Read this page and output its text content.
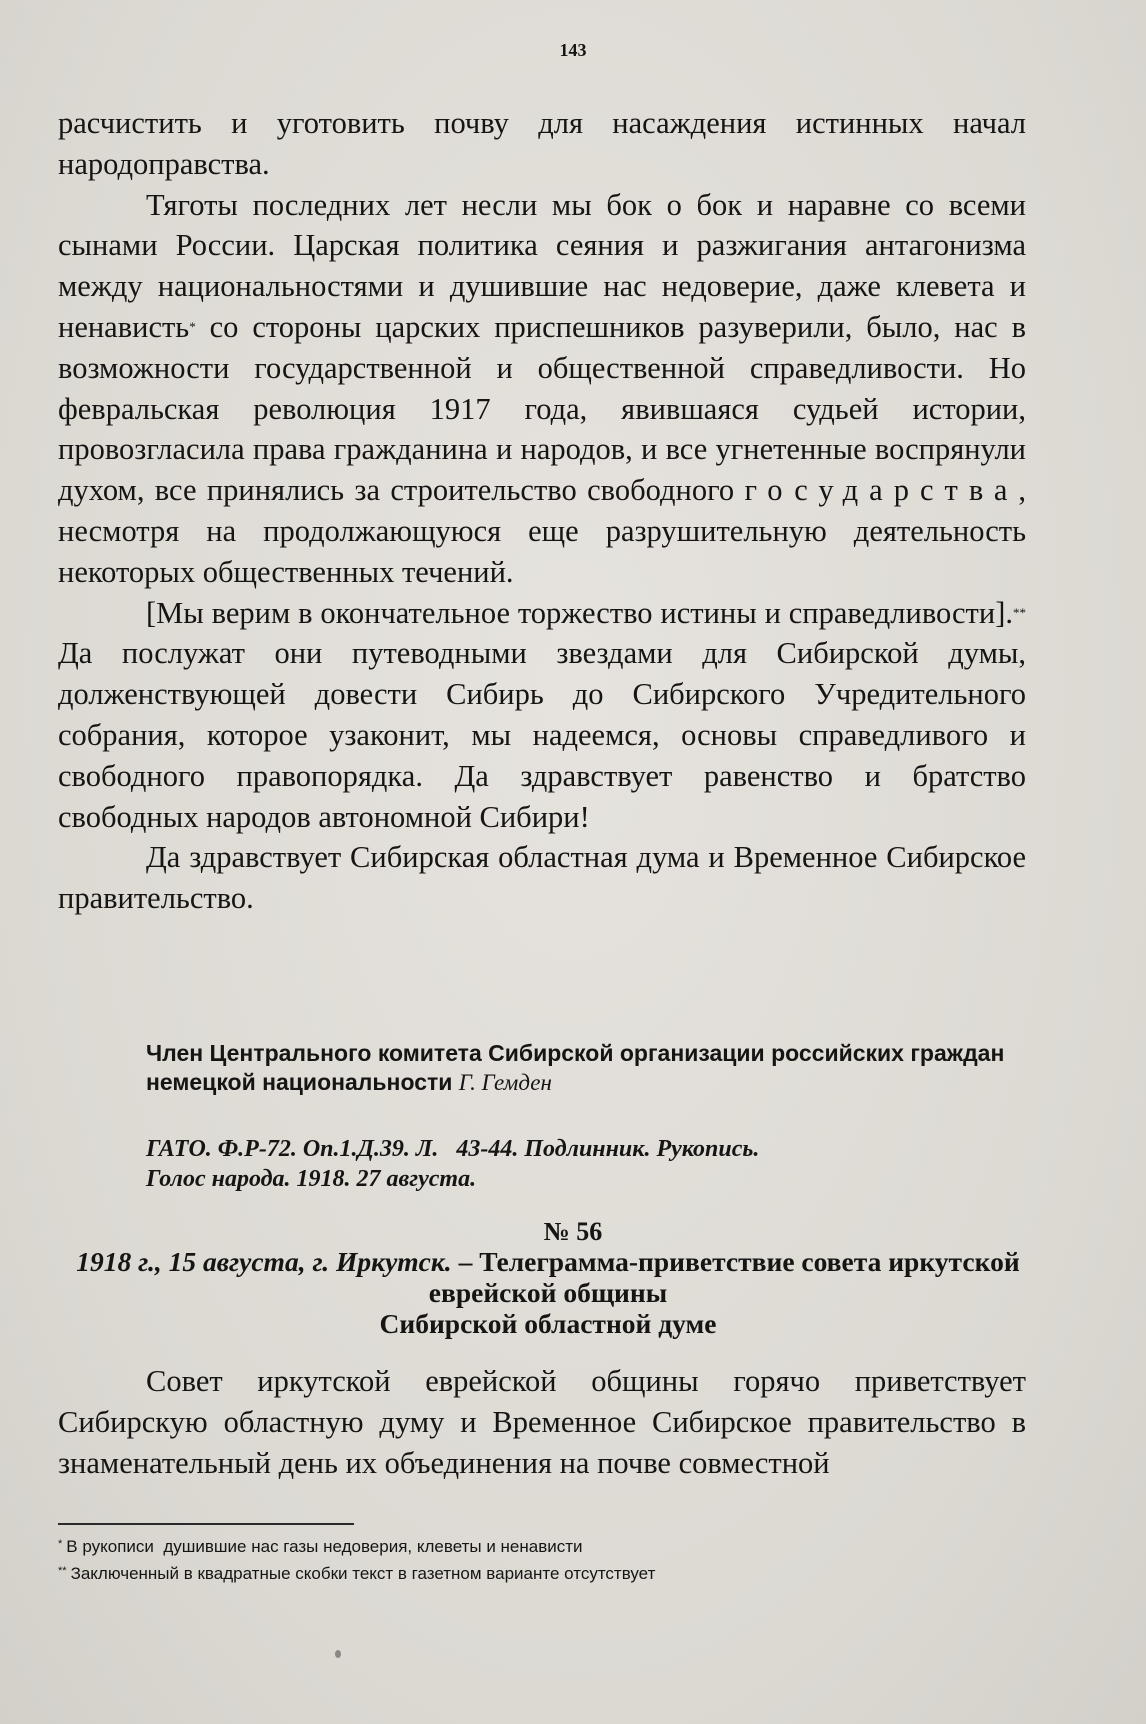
143

расчистить и уготовить почву для насаждения истинных начал народоправства.

Тяготы последних лет несли мы бок о бок и наравне со всеми сынами России. Царская политика сеяния и разжигания антагонизма между национальностями и душившие нас недоверие, даже клевета и ненависть* со стороны царских приспешников разуверили, было, нас в возможности государственной и общественной справедливости. Но февральская революция 1917 года, явившаяся судьей истории, провозгласила права гражданина и народов, и все угнетенные воспрянули духом, все принялись за строительство свободного государства, несмотря на продолжающуюся еще разрушительную деятельность некоторых общественных течений.

[Мы верим в окончательное торжество истины и справедливости].** Да послужат они путеводными звездами для Сибирской думы, долженствующей довести Сибирь до Сибирского Учредительного собрания, которое узаконит, мы надеемся, основы справедливого и свободного правопорядка. Да здравствует равенство и братство свободных народов автономной Сибири!

Да здравствует Сибирская областная дума и Временное Сибирское правительство.

Член Центрального комитета Сибирской организации российских граждан немецкой национальности Г. Гемден
ГАТО. Ф.Р-72. Оп.1.Д.39. Л.   43-44. Подлинник. Рукопись.
Голос народа. 1918. 27 августа.
№ 56
1918 г., 15 августа, г. Иркутск. – Телеграмма-приветствие совета иркутской еврейской общины
Сибирской областной думе

Совет иркутской еврейской общины горячо приветствует Сибирскую областную думу и Временное Сибирское правительство в знаменательный день их объединения на почве совместной

* В рукописи  душившие нас газы недоверия, клеветы и ненависти
** Заключенный в квадратные скобки текст в газетном варианте отсутствует
